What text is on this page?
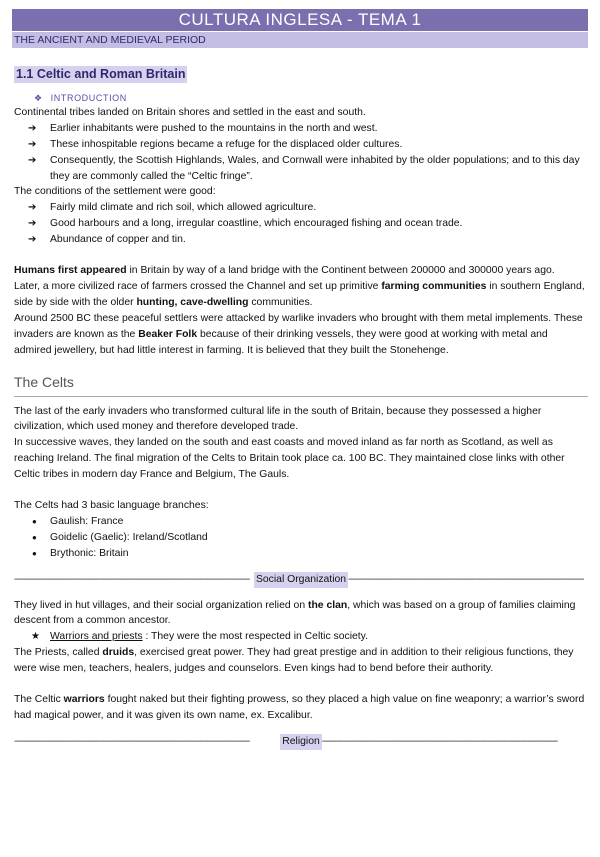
CULTURA INGLESA - TEMA 1
THE ANCIENT AND MEDIEVAL PERIOD
1.1 Celtic and Roman Britain
❖ INTRODUCTION

Continental tribes landed on Britain shores and settled in the east and south.

➔ Earlier inhabitants were pushed to the mountains in the north and west.
➔ These inhospitable regions became a refuge for the displaced older cultures.
➔ Consequently, the Scottish Highlands, Wales, and Cornwall were inhabited by the older populations; and to this day they are commonly called the “Celtic fringe”.

The conditions of the settlement were good:

➔ Fairly mild climate and rich soil, which allowed agriculture.
➔ Good harbours and a long, irregular coastline, which encouraged fishing and ocean trade.
➔ Abundance of copper and tin.

Humans first appeared in Britain by way of a land bridge with the Continent between 200000 and 300000 years ago.

Later, a more civilized race of farmers crossed the Channel and set up primitive farming communities in southern England, side by side with the older hunting, cave-dwelling communities.

Around 2500 BC these peaceful settlers were attacked by warlike invaders who brought with them metal implements. These invaders are known as the Beaker Folk because of their drinking vessels, they were good at working with metal and admired jewellery, but had little interest in farming. It is believed that they built the Stonehenge.

The Celts

The last of the early invaders who transformed cultural life in the south of Britain, because they possessed a higher civilization, which used money and therefore developed trade.

In successive waves, they landed on the south and east coasts and moved inland as far north as Scotland, as well as reaching Ireland. The final migration of the Celts to Britain took place ca. 100 BC. They maintained close links with other Celtic tribes in modern day France and Belgium, The Gauls.

The Celts had 3 basic language branches:

● Gaulish: France
● Goidelic (Gaelic): Ireland/Scotland
● Brythonic: Britain
----------------------------------------------------------------------------------------------------- Social Organization -----------------------------------------------------------------------------------------------------

They lived in hut villages, and their social organization relied on the clan, which was based on a group of families claiming descent from a common ancestor.

★ Warriors and priests : They were the most respected in Celtic society.

The Priests, called druids, exercised great power. They had great prestige and in addition to their religious functions, they were wise men, teachers, healers, judges and counselors. Even kings had to bend before their authority.

The Celtic warriors fought naked but their fighting prowess, so they placed a high value on fine weaponry; a warrior’s sword had magical power, and it was given its own name, ex. Excalibur.

-----------------------------------------------------------------------------------------------------	Religion -----------------------------------------------------------------------------------------------------
